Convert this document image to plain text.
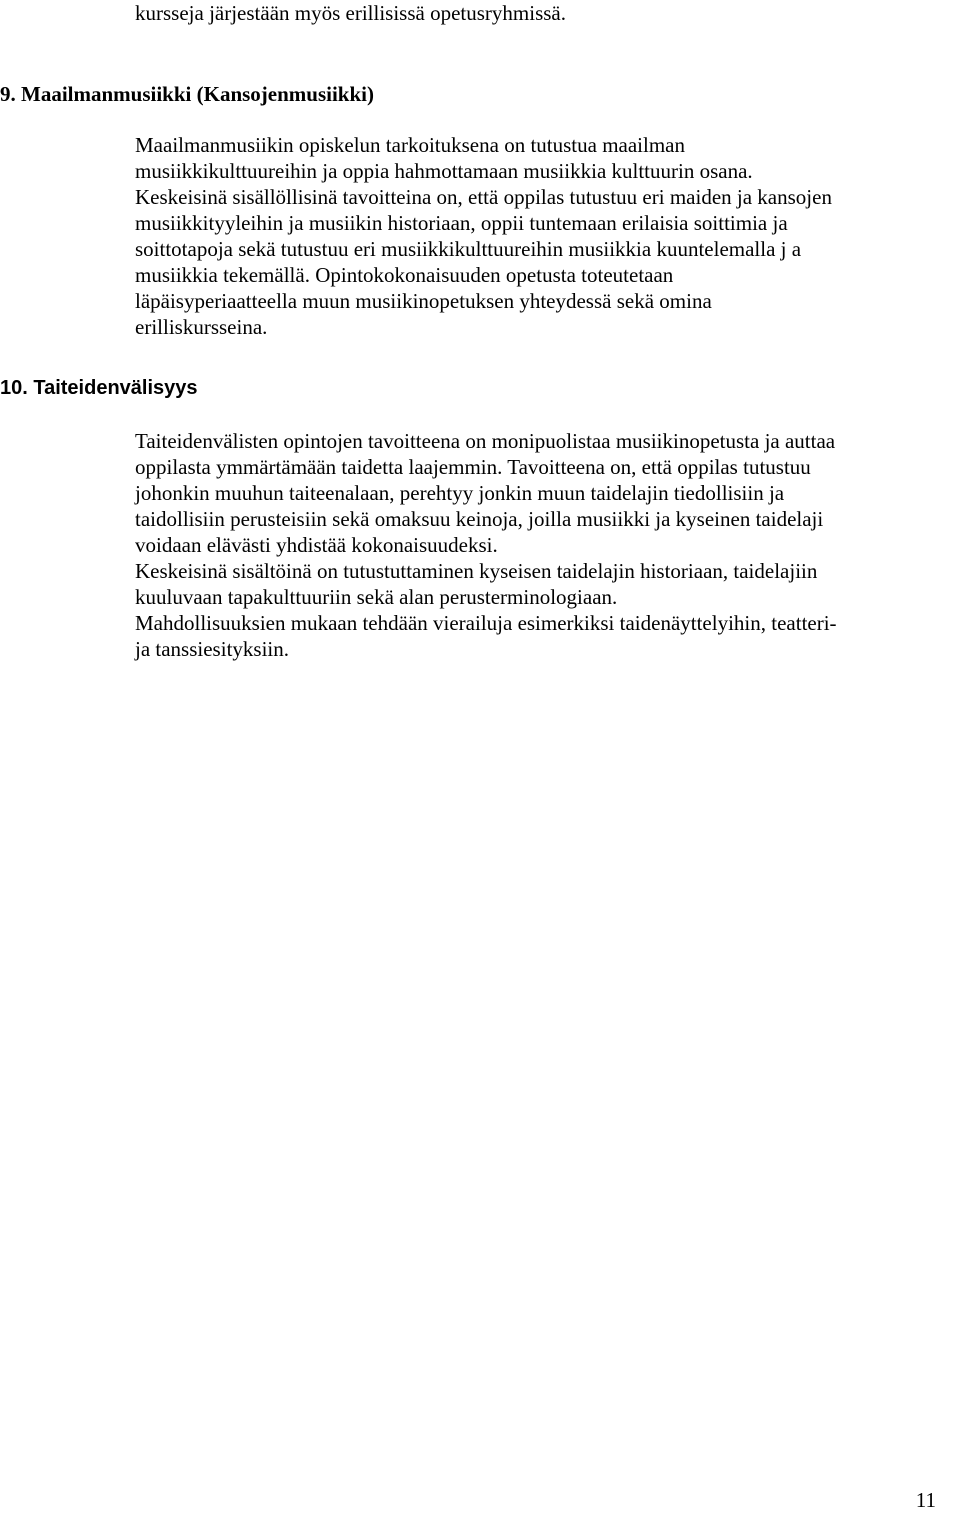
kursseja järjestään myös erillisissä opetusryhmissä.
9. Maailmanmusiikki (Kansojenmusiikki)
Maailmanmusiikin opiskelun tarkoituksena on tutustua maailman
musiikkikulttuureihin ja oppia hahmottamaan musiikkia kulttuurin osana.
Keskeisinä sisällöllisinä tavoitteina on, että oppilas tutustuu eri maiden ja kansojen
musiikkityyleihin ja musiikin historiaan, oppii tuntemaan erilaisia soittimia ja
soittotapoja sekä tutustuu eri musiikkikulttuureihin musiikkia kuuntelemalla j a
musiikkia tekemällä. Opintokokonaisuuden opetusta toteutetaan
läpäisyperiaatteella muun musiikinopetuksen yhteydessä sekä omina
erilliskursseina.
10. Taiteidenvälisyys
Taiteidenvälisten opintojen tavoitteena on monipuolistaa musiikinopetusta ja auttaa
oppilasta ymmärtämään taidetta laajemmin. Tavoitteena on, että oppilas tutustuu
johonkin muuhun taiteenalaan, perehtyy jonkin muun taidelajin tiedollisiin ja
taidollisiin perusteisiin sekä omaksuu keinoja, joilla musiikki ja kyseinen taidelaji
voidaan elävästi yhdistää kokonaisuudeksi.
Keskeisinä sisältöinä on tutustuttaminen kyseisen taidelajin historiaan, taidelajiin
kuuluvaan tapakulttuuriin sekä alan perusterminologiaan.
Mahdollisuuksien mukaan tehdään vierailuja esimerkiksi taidenäyttelyihin, teatteri-
ja tanssiesityksiin.
11
